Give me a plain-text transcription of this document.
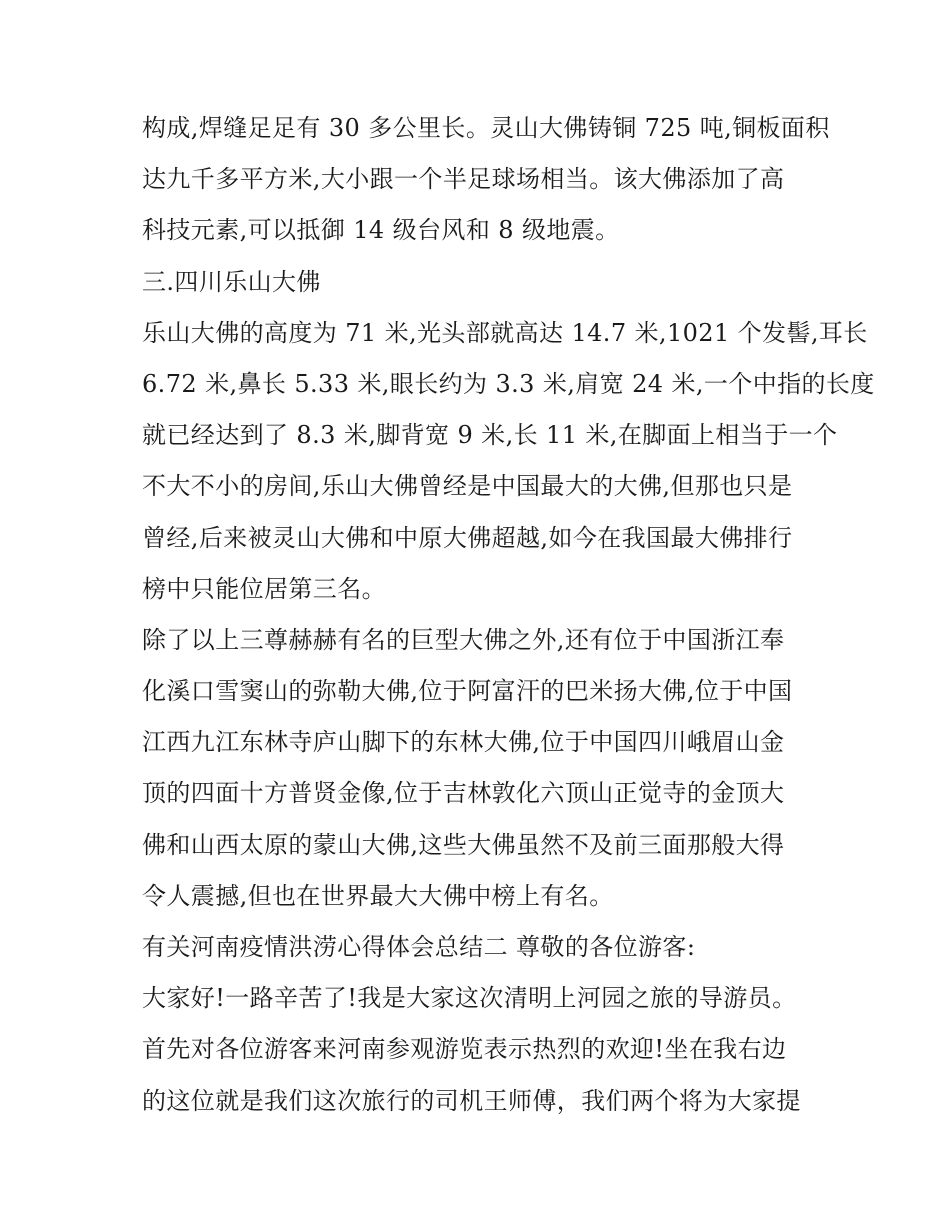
构成,焊缝足足有 30 多公里长。灵山大佛铸铜 725 吨,铜板面积
达九千多平方米,大小跟一个半足球场相当。该大佛添加了高
科技元素,可以抵御 14 级台风和 8 级地震。
三.四川乐山大佛
乐山大佛的高度为 71 米,光头部就高达 14.7 米,1021 个发髻,耳长
6.72 米,鼻长 5.33 米,眼长约为 3.3 米,肩宽 24 米,一个中指的长度
就已经达到了 8.3 米,脚背宽 9 米,长 11 米,在脚面上相当于一个
不大不小的房间,乐山大佛曾经是中国最大的大佛,但那也只是
曾经,后来被灵山大佛和中原大佛超越,如今在我国最大佛排行
榜中只能位居第三名。
除了以上三尊赫赫有名的巨型大佛之外,还有位于中国浙江奉
化溪口雪窦山的弥勒大佛,位于阿富汗的巴米扬大佛,位于中国
江西九江东林寺庐山脚下的东林大佛,位于中国四川峨眉山金
顶的四面十方普贤金像,位于吉林敦化六顶山正觉寺的金顶大
佛和山西太原的蒙山大佛,这些大佛虽然不及前三面那般大得
令人震撼,但也在世界最大大佛中榜上有名。
有关河南疫情洪涝心得体会总结二 尊敬的各位游客:
大家好!一路辛苦了!我是大家这次清明上河园之旅的导游员。
首先对各位游客来河南参观游览表示热烈的欢迎!坐在我右边
的这位就是我们这次旅行的司机王师傅，我们两个将为大家提
